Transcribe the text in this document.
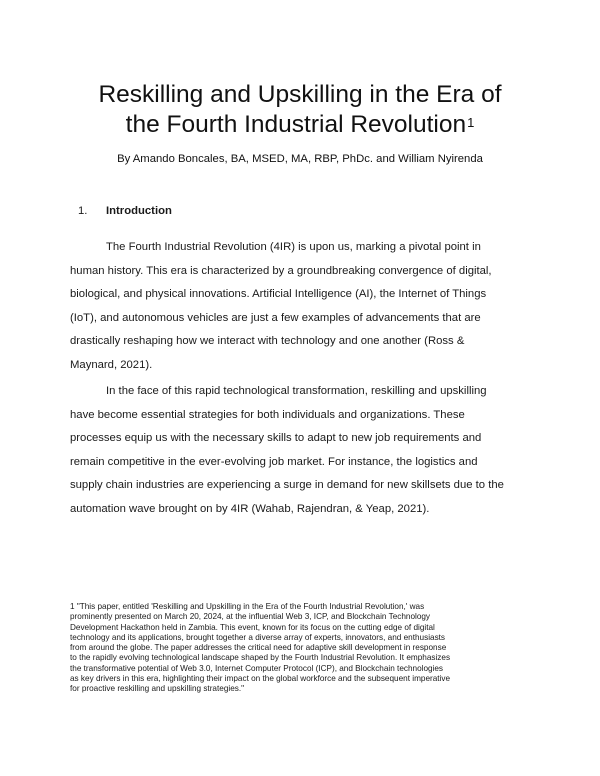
Reskilling and Upskilling in the Era of
the Fourth Industrial Revolution$^1$

By Amando Boncales, BA, MSED, MA, RBP, PhDc. and William Nyirenda

1. Introduction
The Fourth Industrial Revolution (4IR) is upon us, marking a pivotal point in
human history. This era is characterized by a groundbreaking convergence of digital,
biological, and physical innovations. Artificial Intelligence (AI), the Internet of Things
(IoT), and autonomous vehicles are just a few examples of advancements that are
drastically reshaping how we interact with technology and one another (Ross &
Maynard, 2021).
In the face of this rapid technological transformation, reskilling and upskilling
have become essential strategies for both individuals and organizations. These
processes equip us with the necessary skills to adapt to new job requirements and
remain competitive in the ever-evolving job market. For instance, the logistics and
supply chain industries are experiencing a surge in demand for new skillsets due to the
automation wave brought on by 4IR (Wahab, Rajendran, & Yeap, 2021).
1 "This paper, entitled 'Reskilling and Upskilling in the Era of the Fourth Industrial Revolution,' was
prominently presented on March 20, 2024, at the influential Web 3, ICP, and Blockchain Technology
Development Hackathon held in Zambia. This event, known for its focus on the cutting edge of digital
technology and its applications, brought together a diverse array of experts, innovators, and enthusiasts
from around the globe. The paper addresses the critical need for adaptive skill development in response
to the rapidly evolving technological landscape shaped by the Fourth Industrial Revolution. It emphasizes
the transformative potential of Web 3.0, Internet Computer Protocol (ICP), and Blockchain technologies
as key drivers in this era, highlighting their impact on the global workforce and the subsequent imperative
for proactive reskilling and upskilling strategies."
